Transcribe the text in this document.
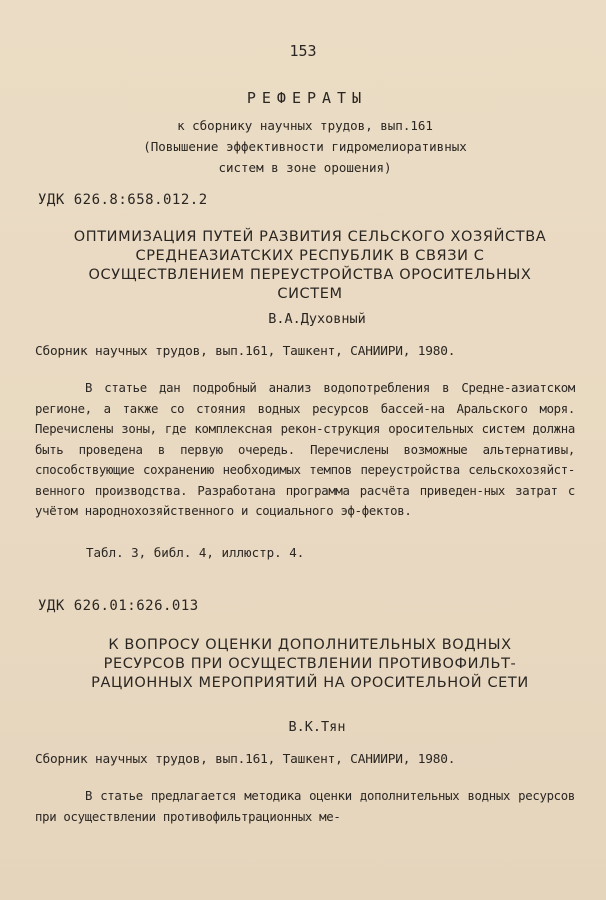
153
РЕФЕРАТЫ
к сборнику научных трудов, вып.161
(Повышение эффективности гидромелиоративных
систем в зоне орошения)
УДК 626.8:658.012.2
ОПТИМИЗАЦИЯ ПУТЕЙ РАЗВИТИЯ СЕЛЬСКОГО ХОЗЯЙСТВА СРЕДНЕАЗИАТСКИХ РЕСПУБЛИК В СВЯЗИ С ОСУЩЕСТВЛЕНИЕМ ПЕРЕУСТРОЙСТВА ОРОСИТЕЛЬНЫХ СИСТЕМ
В.А.Духовный
Сборник научных трудов, вып.161, Ташкент, САНИИРИ, 1980.
В статье дан подробный анализ водопотребления в Средне-азиатском регионе, а также со стояния водных ресурсов бассей-на Аральского моря. Перечислены зоны, где комплексная рекон-струкция оросительных систем должна быть проведена в первую очередь. Перечислены возможные альтернативы, способствующие сохранению необходимых темпов переустройства сельскохозяйст-венного производства. Разработана программа расчёта приведен-ных затрат с учётом народнохозяйственного и социального эф-фектов.
Табл. 3, библ. 4, иллюстр. 4.
УДК 626.01:626.013
К ВОПРОСУ ОЦЕНКИ ДОПОЛНИТЕЛЬНЫХ ВОДНЫХ РЕСУРСОВ ПРИ ОСУЩЕСТВЛЕНИИ ПРОТИВОФИЛЬТ-РАЦИОННЫХ МЕРОПРИЯТИЙ НА ОРОСИТЕЛЬНОЙ СЕТИ
В.К.Тян
Сборник научных трудов, вып.161, Ташкент, САНИИРИ, 1980.
В статье предлагается методика оценки дополнительных водных ресурсов при осуществлении противофильтрационных ме-
